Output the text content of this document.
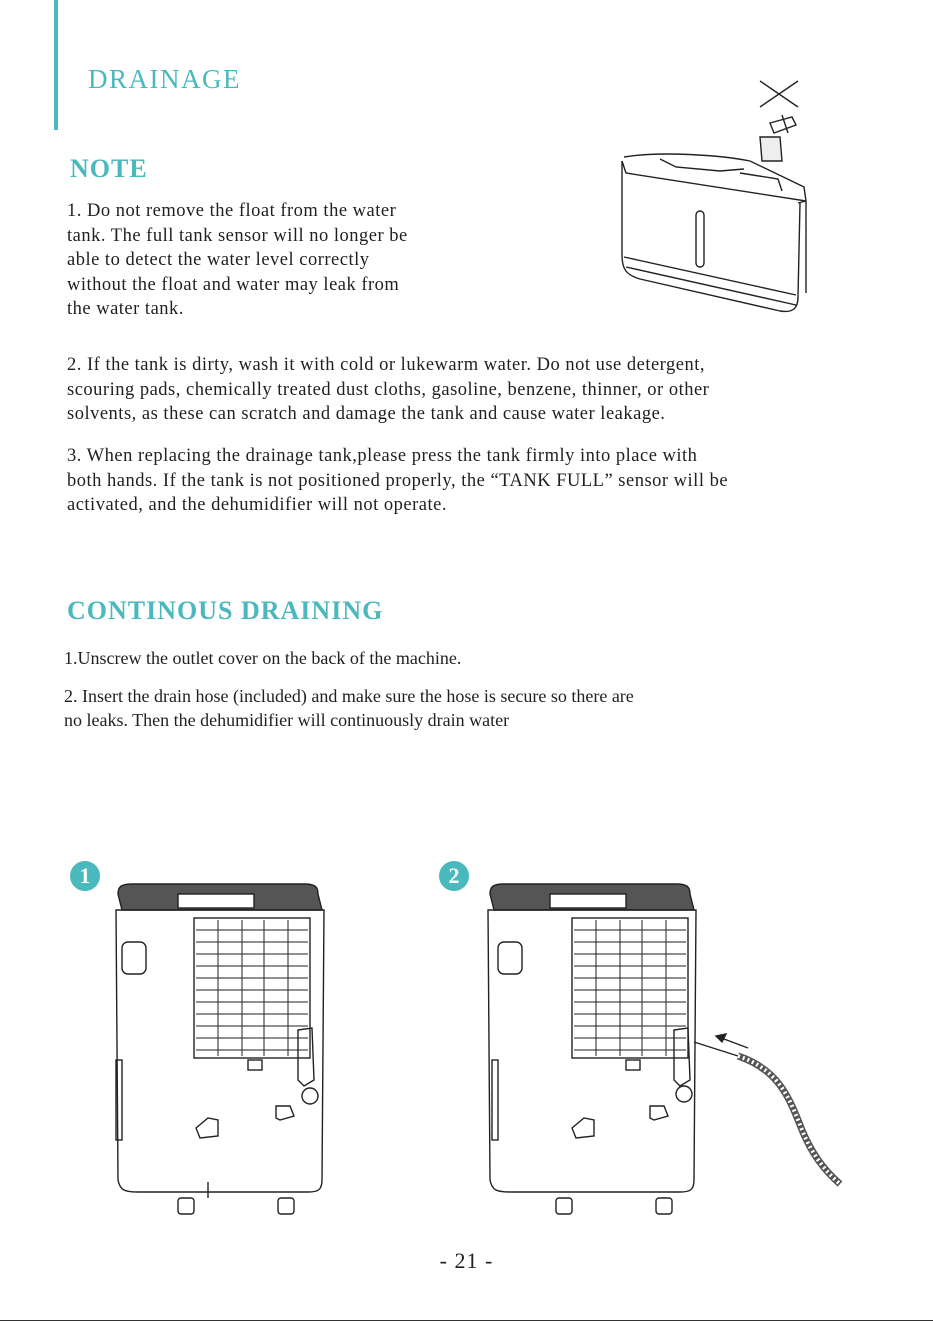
DRAINAGE
NOTE

1. Do not remove the float from the water
tank. The full tank sensor will no longer be
able to detect the water level correctly
without the float and water may leak from
the water tank.

2. If the tank is dirty, wash it with cold or lukewarm water. Do not use detergent,
scouring pads, chemically treated dust cloths, gasoline, benzene, thinner, or other
solvents, as these can scratch and damage the tank and cause water leakage.

3. When replacing the drainage tank,please press the tank firmly into place with
both hands. If the tank is not positioned properly, the “TANK FULL” sensor will be
activated, and the dehumidifier will not operate.

CONTINOUS DRAINING

1.Unscrew the outlet cover on the back of the machine.

2. Insert the drain hose (included) and make sure the hose is secure so there are
no leaks. Then the dehumidifier will continuously drain water

1	2
- 21 -
